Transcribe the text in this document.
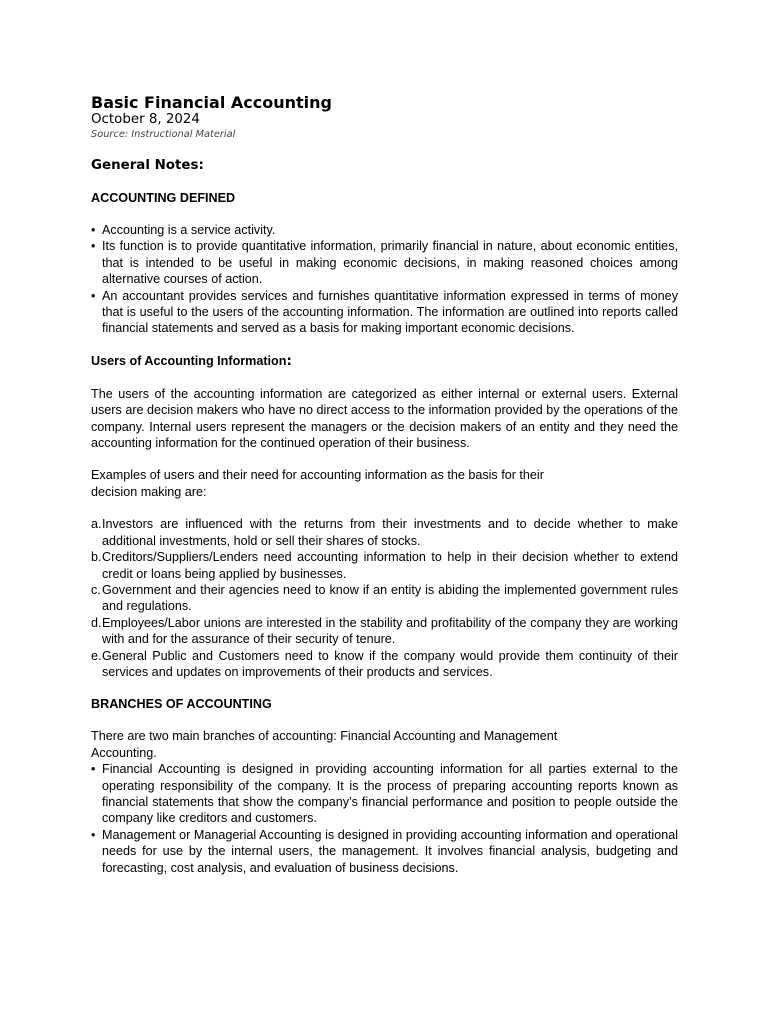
Basic Financial Accounting

October 8, 2024

Source: Instructional Material

General Notes:
ACCOUNTING DEFINED
• Accounting is a service activity.
• Its function is to provide quantitative information, primarily financial in nature, about economic entities, that is intended to be useful in making economic decisions, in making reasoned choices among alternative courses of action.
• An accountant provides services and furnishes quantitative information expressed in terms of money that is useful to the users of the accounting information. The information are outlined into reports called financial statements and served as a basis for making important economic decisions.
Users of Accounting Information:

The users of the accounting information are categorized as either internal or external users. External users are decision makers who have no direct access to the information provided by the operations of the company. Internal users represent the managers or the decision makers of an entity and they need the accounting information for the continued operation of their business.

Examples of users and their need for accounting information as the basis for their decision making are:

a. Investors are influenced with the returns from their investments and to decide whether to make additional investments, hold or sell their shares of stocks.
b. Creditors/Suppliers/Lenders need accounting information to help in their decision whether to extend credit or loans being applied by businesses.
c. Government and their agencies need to know if an entity is abiding the implemented government rules and regulations.
d. Employees/Labor unions are interested in the stability and profitability of the company they are working with and for the assurance of their security of tenure.
e. General Public and Customers need to know if the company would provide them continuity of their services and updates on improvements of their products and services.
BRANCHES OF ACCOUNTING

There are two main branches of accounting: Financial Accounting and Management Accounting.

• Financial Accounting is designed in providing accounting information for all parties external to the operating responsibility of the company. It is the process of preparing accounting reports known as financial statements that show the company’s financial performance and position to people outside the company like creditors and customers.
• Management or Managerial Accounting is designed in providing accounting information and operational needs for use by the internal users, the management. It involves financial analysis, budgeting and forecasting, cost analysis, and evaluation of business decisions.
